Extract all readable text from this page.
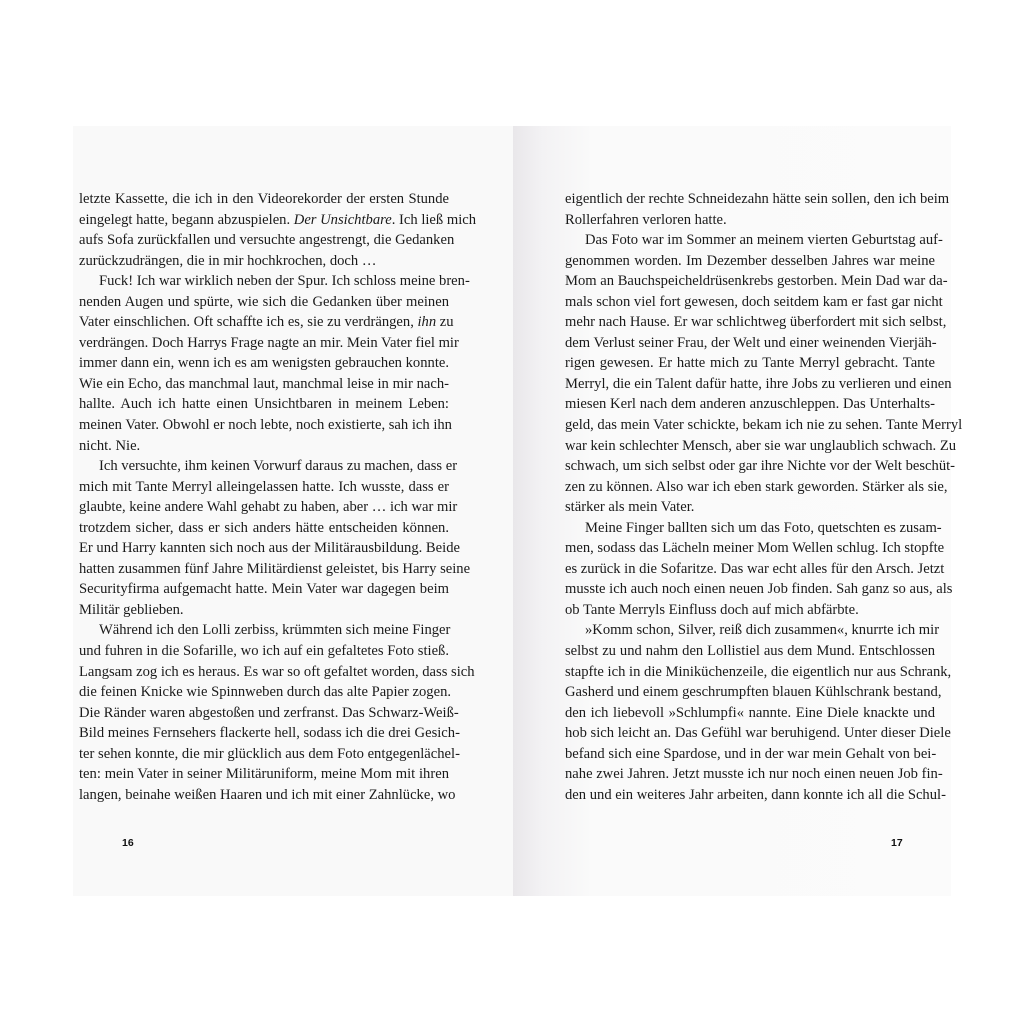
letzte Kassette, die ich in den Videorekorder der ersten Stunde
eingelegt hatte, begann abzuspielen. Der Unsichtbare. Ich ließ mich
aufs Sofa zurückfallen und versuchte angestrengt, die Gedanken
zurückzudrängen, die in mir hochkrochen, doch …
Fuck! Ich war wirklich neben der Spur. Ich schloss meine bren-
nenden Augen und spürte, wie sich die Gedanken über meinen
Vater einschlichen. Oft schaffte ich es, sie zu verdrängen, ihn zu
verdrängen. Doch Harrys Frage nagte an mir. Mein Vater fiel mir
immer dann ein, wenn ich es am wenigsten gebrauchen konnte.
Wie ein Echo, das manchmal laut, manchmal leise in mir nach-
hallte. Auch ich hatte einen Unsichtbaren in meinem Leben:
meinen Vater. Obwohl er noch lebte, noch existierte, sah ich ihn
nicht. Nie.
Ich versuchte, ihm keinen Vorwurf daraus zu machen, dass er
mich mit Tante Merryl alleingelassen hatte. Ich wusste, dass er
glaubte, keine andere Wahl gehabt zu haben, aber … ich war mir
trotzdem sicher, dass er sich anders hätte entscheiden können.
Er und Harry kannten sich noch aus der Militärausbildung. Beide
hatten zusammen fünf Jahre Militärdienst geleistet, bis Harry seine
Securityfirma aufgemacht hatte. Mein Vater war dagegen beim
Militär geblieben.
Während ich den Lolli zerbiss, krümmten sich meine Finger
und fuhren in die Sofarille, wo ich auf ein gefaltetes Foto stieß.
Langsam zog ich es heraus. Es war so oft gefaltet worden, dass sich
die feinen Knicke wie Spinnweben durch das alte Papier zogen.
Die Ränder waren abgestoßen und zerfranst. Das Schwarz-Weiß-
Bild meines Fernsehers flackerte hell, sodass ich die drei Gesich-
ter sehen konnte, die mir glücklich aus dem Foto entgegenlächel-
ten: mein Vater in seiner Militäruniform, meine Mom mit ihren
langen, beinahe weißen Haaren und ich mit einer Zahnlücke, wo
16
eigentlich der rechte Schneidezahn hätte sein sollen, den ich beim
Rollerfahren verloren hatte.
Das Foto war im Sommer an meinem vierten Geburtstag auf-
genommen worden. Im Dezember desselben Jahres war meine
Mom an Bauchspeicheldrüsenkrebs gestorben. Mein Dad war da-
mals schon viel fort gewesen, doch seitdem kam er fast gar nicht
mehr nach Hause. Er war schlichtweg überfordert mit sich selbst,
dem Verlust seiner Frau, der Welt und einer weinenden Vierjäh-
rigen gewesen. Er hatte mich zu Tante Merryl gebracht. Tante
Merryl, die ein Talent dafür hatte, ihre Jobs zu verlieren und einen
miesen Kerl nach dem anderen anzuschleppen. Das Unterhalts-
geld, das mein Vater schickte, bekam ich nie zu sehen. Tante Merryl
war kein schlechter Mensch, aber sie war unglaublich schwach. Zu
schwach, um sich selbst oder gar ihre Nichte vor der Welt beschüt-
zen zu können. Also war ich eben stark geworden. Stärker als sie,
stärker als mein Vater.
Meine Finger ballten sich um das Foto, quetschten es zusam-
men, sodass das Lächeln meiner Mom Wellen schlug. Ich stopfte
es zurück in die Sofaritze. Das war echt alles für den Arsch. Jetzt
musste ich auch noch einen neuen Job finden. Sah ganz so aus, als
ob Tante Merryls Einfluss doch auf mich abfärbte.
»Komm schon, Silver, reiß dich zusammen«, knurrte ich mir
selbst zu und nahm den Lollistiel aus dem Mund. Entschlossen
stapfte ich in die Miniküchenzeile, die eigentlich nur aus Schrank,
Gasherd und einem geschrumpften blauen Kühlschrank bestand,
den ich liebevoll »Schlumpfi« nannte. Eine Diele knackte und
hob sich leicht an. Das Gefühl war beruhigend. Unter dieser Diele
befand sich eine Spardose, und in der war mein Gehalt von bei-
nahe zwei Jahren. Jetzt musste ich nur noch einen neuen Job fin-
den und ein weiteres Jahr arbeiten, dann konnte ich all die Schul-
17
